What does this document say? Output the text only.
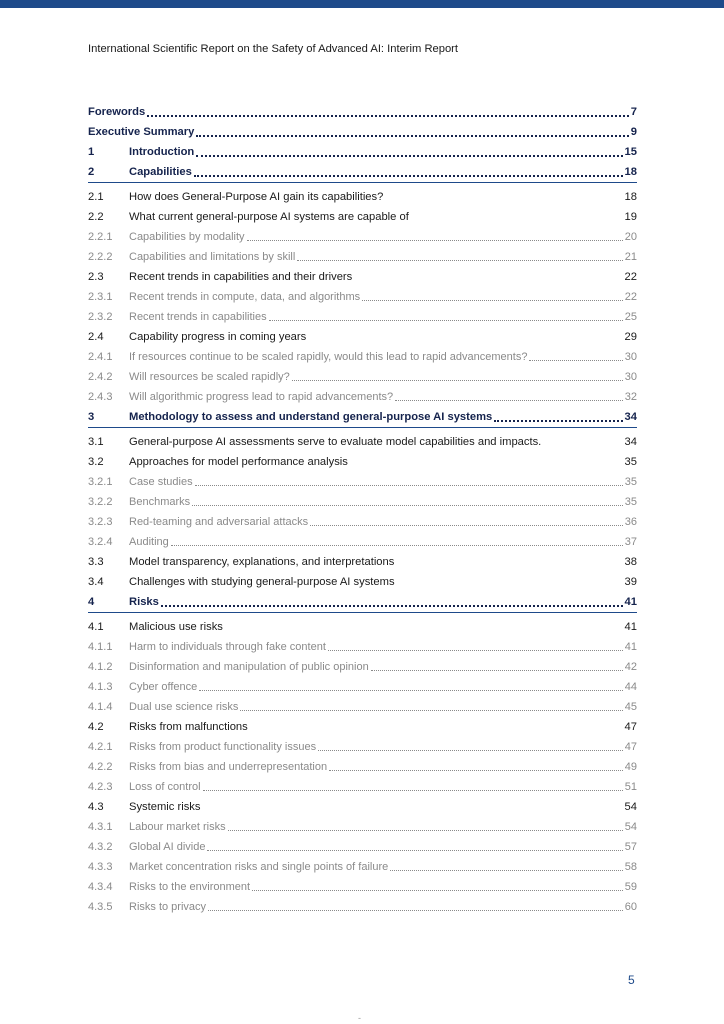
International Scientific Report on the Safety of Advanced AI: Interim Report
Forewords	7
Executive Summary	9
1	Introduction	15
2	Capabilities	18
2.1 How does General-Purpose AI gain its capabilities?	18
2.2 What current general-purpose AI systems are capable of	19
2.2.1 Capabilities by modality	20
2.2.2 Capabilities and limitations by skill	21
2.3 Recent trends in capabilities and their drivers	22
2.3.1 Recent trends in compute, data, and algorithms	22
2.3.2 Recent trends in capabilities	25
2.4 Capability progress in coming years	29
2.4.1 If resources continue to be scaled rapidly, would this lead to rapid advancements?	30
2.4.2 Will resources be scaled rapidly?	30
2.4.3 Will algorithmic progress lead to rapid advancements?	32
3	Methodology to assess and understand general-purpose AI systems	34
3.1 General-purpose AI assessments serve to evaluate model capabilities and impacts.	34
3.2 Approaches for model performance analysis	35
3.2.1 Case studies	35
3.2.2 Benchmarks	35
3.2.3 Red-teaming and adversarial attacks	36
3.2.4 Auditing	37
3.3 Model transparency, explanations, and interpretations	38
3.4 Challenges with studying general-purpose AI systems	39
4	Risks	41
4.1 Malicious use risks	41
4.1.1 Harm to individuals through fake content	41
4.1.2 Disinformation and manipulation of public opinion	42
4.1.3 Cyber offence	44
4.1.4 Dual use science risks	45
4.2 Risks from malfunctions	47
4.2.1 Risks from product functionality issues	47
4.2.2 Risks from bias and underrepresentation	49
4.2.3 Loss of control	51
4.3 Systemic risks	54
4.3.1 Labour market risks	54
4.3.2 Global AI divide	57
4.3.3 Market concentration risks and single points of failure	58
4.3.4 Risks to the environment	59
4.3.5 Risks to privacy	60
5
-
